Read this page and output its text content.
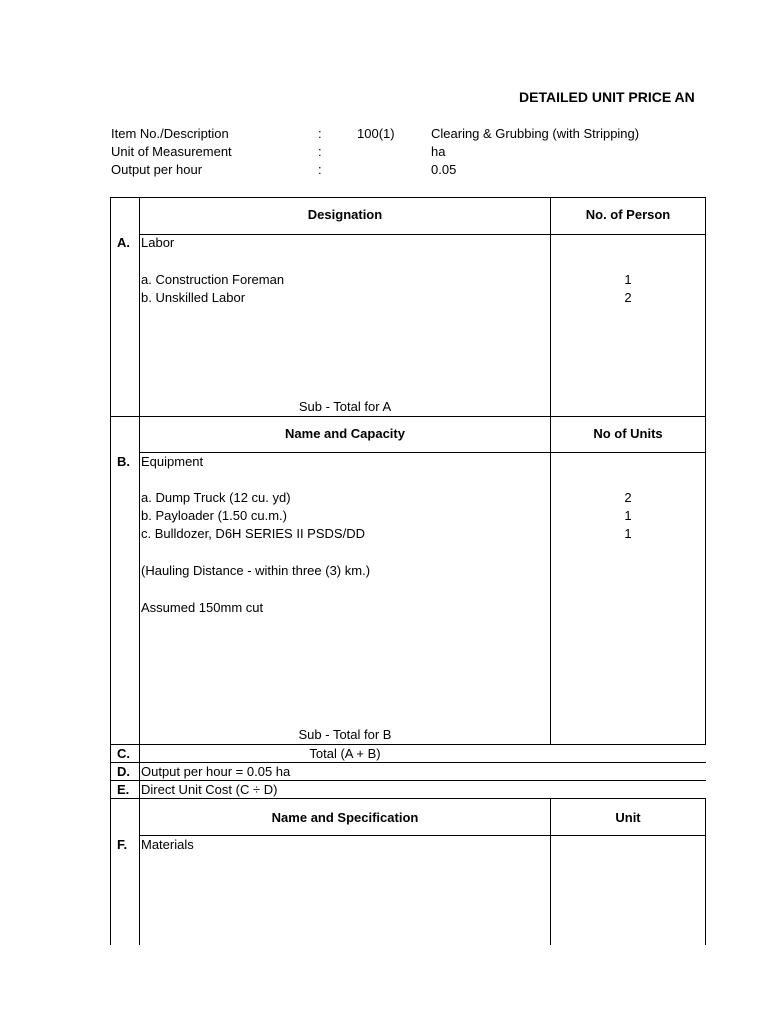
DETAILED UNIT PRICE AN
Item No./Description	:	100(1)	Clearing & Grubbing (with Stripping)
Unit of Measurement	:	ha
Output per hour	:	0.05
Designation	No. of Person
A. Labor
a. Construction Foreman	1
b. Unskilled Labor	2
Sub - Total for A
Name and Capacity	No of Units
B. Equipment
a. Dump Truck (12 cu. yd)	2
b. Payloader (1.50 cu.m.)	1
c. Bulldozer, D6H SERIES II PSDS/DD	1
(Hauling Distance - within three (3) km.)
Assumed 150mm cut
Sub - Total for B
C.	Total (A + B)
D. Output per hour = 0.05 ha
E. Direct Unit Cost (C ÷ D)
Name and Specification	Unit
F. Materials
